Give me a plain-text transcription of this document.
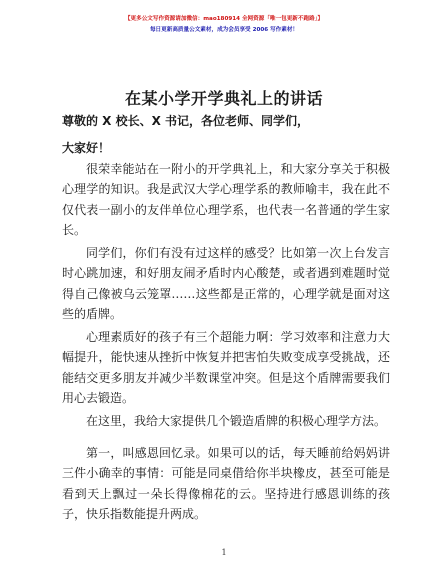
【更多公文写作资源请加微信：mao180914 全网资源「唯一包更新不跑路」】
每日更新高质量公文素材，成为会员享受 2006 写作素材！
在某小学开学典礼上的讲话
尊敬的 X 校长、X 书记，各位老师、同学们，
大家好！

很荣幸能站在一附小的开学典礼上，和大家分享关于积极心理学的知识。我是武汉大学心理学系的教师喻丰，我在此不仅代表一副小的友伴单位心理学系，也代表一名普通的学生家长。

同学们，你们有没有过这样的感受？比如第一次上台发言时心跳加速，和好朋友闹矛盾时内心酸楚，或者遇到难题时觉得自己像被乌云笼罩……这些都是正常的，心理学就是面对这些的盾牌。

心理素质好的孩子有三个超能力啊：学习效率和注意力大幅提升，能快速从挫折中恢复并把害怕失败变成享受挑战，还能结交更多朋友并减少半数课堂冲突。但是这个盾牌需要我们用心去锻造。

在这里，我给大家提供几个锻造盾牌的积极心理学方法。

第一，叫感恩回忆录。如果可以的话，每天睡前给妈妈讲三件小确幸的事情：可能是同桌借给你半块橡皮，甚至可能是看到天上飘过一朵长得像棉花的云。坚持进行感恩训练的孩子，快乐指数能提升两成。

1
